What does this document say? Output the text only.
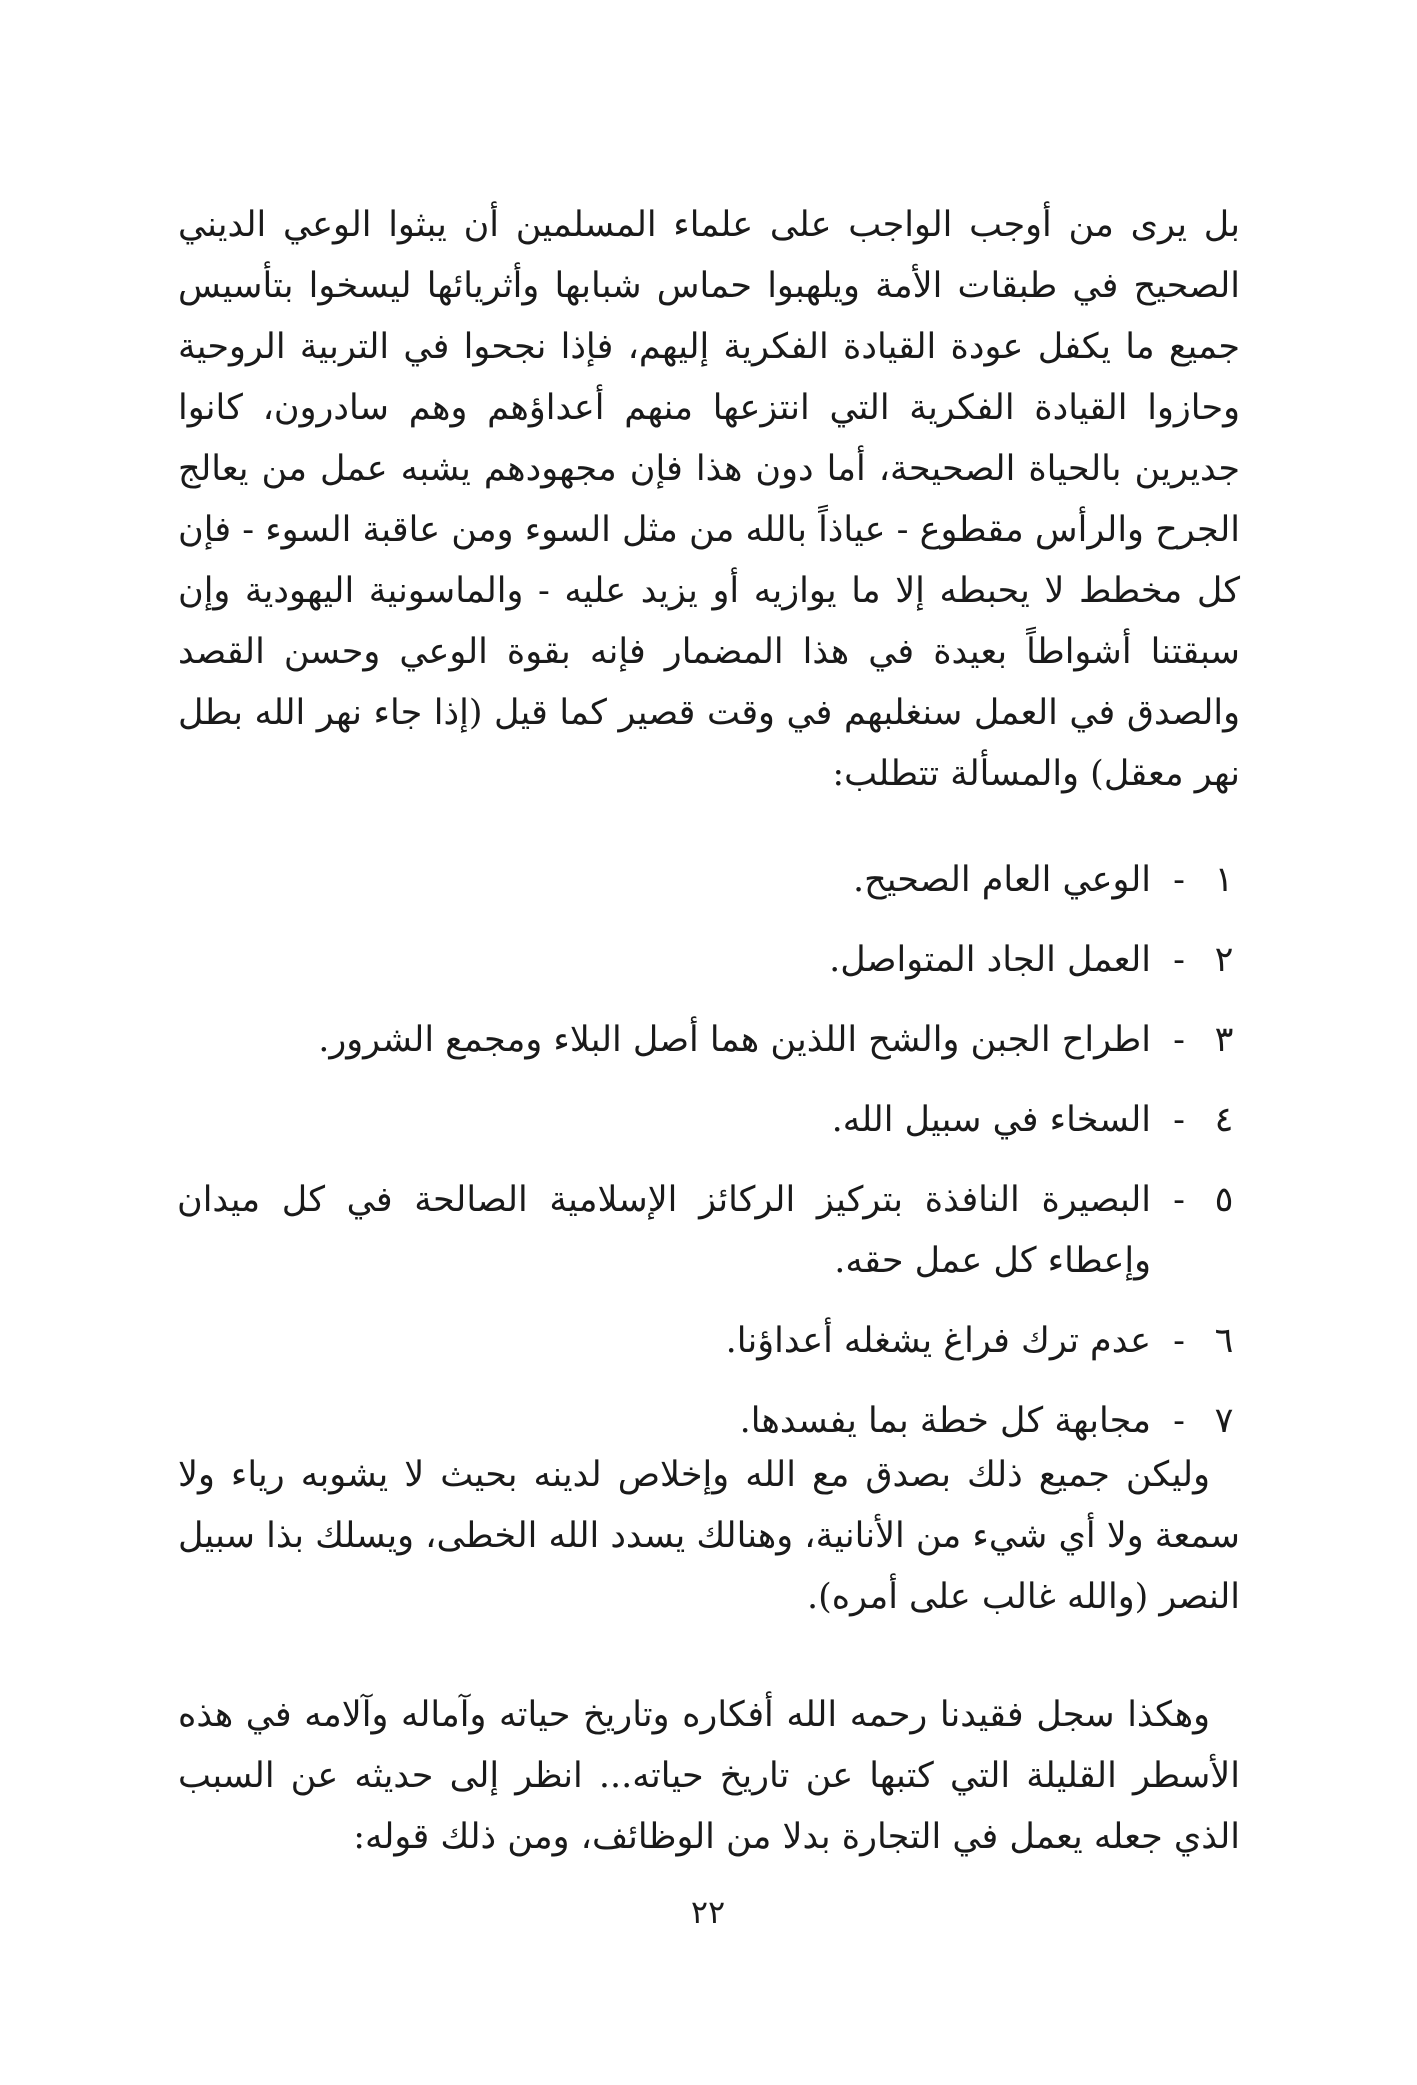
بل يرى من أوجب الواجب على علماء المسلمين أن يبثوا الوعي الديني الصحيح في طبقات الأمة ويلهبوا حماس شبابها وأثريائها ليسخوا بتأسيس جميع ما يكفل عودة القيادة الفكرية إليهم، فإذا نجحوا في التربية الروحية وحازوا القيادة الفكرية التي انتزعها منهم أعداؤهم وهم سادرون، كانوا جديرين بالحياة الصحيحة، أما دون هذا فإن مجهودهم يشبه عمل من يعالج الجرح والرأس مقطوع - عياذاً بالله من مثل السوء ومن عاقبة السوء - فإن كل مخطط لا يحبطه إلا ما يوازيه أو يزيد عليه - والماسونية اليهودية وإن سبقتنا أشواطاً بعيدة في هذا المضمار فإنه بقوة الوعي وحسن القصد والصدق في العمل سنغلبهم في وقت قصير كما قيل (إذا جاء نهر الله بطل نهر معقل) والمسألة تتطلب:

١
-
الوعي العام الصحيح.
٢
-
العمل الجاد المتواصل.
٣
-
اطراح الجبن والشح اللذين هما أصل البلاء ومجمع الشرور.
٤
-
السخاء في سبيل الله.
٥
-
البصيرة النافذة بتركيز الركائز الإسلامية الصالحة في كل ميدان وإعطاء كل عمل حقه.
٦
-
عدم ترك فراغ يشغله أعداؤنا.
٧
-
مجابهة كل خطة بما يفسدها.

وليكن جميع ذلك بصدق مع الله وإخلاص لدينه بحيث لا يشوبه رياء ولا سمعة ولا أي شيء من الأنانية، وهنالك يسدد الله الخطى، ويسلك بذا سبيل النصر (والله غالب على أمره).

وهكذا سجل فقيدنا رحمه الله أفكاره وتاريخ حياته وآماله وآلامه في هذه الأسطر القليلة التي كتبها عن تاريخ حياته... انظر إلى حديثه عن السبب الذي جعله يعمل في التجارة بدلا من الوظائف، ومن ذلك قوله:

٢٢
